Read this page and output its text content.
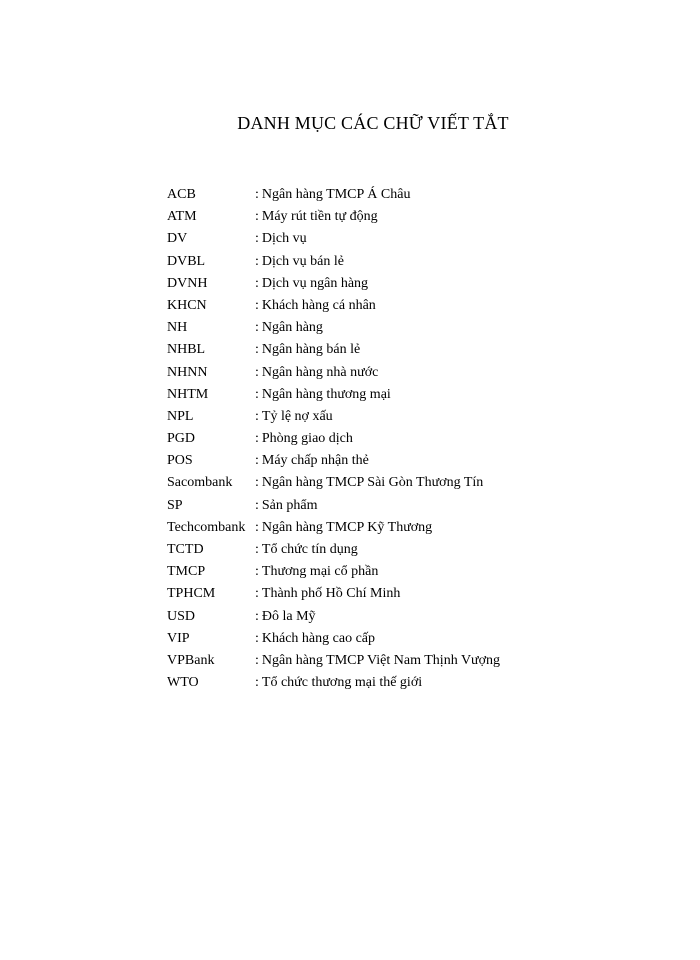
DANH MỤC CÁC CHỮ VIẾT TẮT
ACB	: Ngân hàng TMCP Á Châu
ATM	: Máy rút tiền tự động
DV	: Dịch vụ
DVBL	: Dịch vụ bán lẻ
DVNH	: Dịch vụ ngân hàng
KHCN	: Khách hàng cá nhân
NH	: Ngân hàng
NHBL	: Ngân hàng bán lẻ
NHNN	: Ngân hàng nhà nước
NHTM	: Ngân hàng thương mại
NPL	: Tỷ lệ nợ xấu
PGD	: Phòng giao dịch
POS	: Máy chấp nhận thẻ
Sacombank	: Ngân hàng TMCP Sài Gòn Thương Tín
SP	: Sản phẩm
Techcombank : Ngân hàng TMCP Kỹ Thương
TCTD	: Tổ chức tín dụng
TMCP	: Thương mại cổ phần
TPHCM	: Thành phố Hồ Chí Minh
USD	: Đô la Mỹ
VIP	: Khách hàng cao cấp
VPBank	: Ngân hàng TMCP Việt Nam Thịnh Vượng
WTO	: Tổ chức thương mại thế giới
